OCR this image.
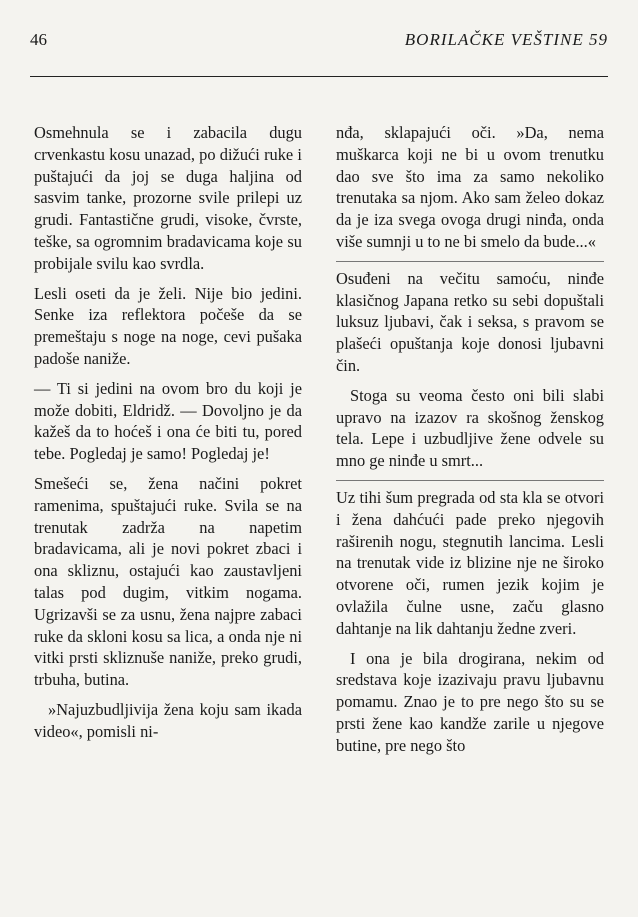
46	BORILAČKE VEŠTINE 59

Osmehnula se i zabacila dugu crvenkastu kosu unazad, po dižući ruke i puštajući da joj se duga haljina od sasvim tanke, prozorne svile prilepi uz grudi. Fantastične grudi, visoke, čvrste, teške, sa ogromnim bradavicama koje su probijale svilu kao svrdla.

Lesli oseti da je želi. Nije bio jedini. Senke iza reflektora počeše da se premeštaju s noge na noge, cevi pušaka padoše naniže.

— Ti si jedini na ovom bro du koji je može dobiti, Eldridž. — Dovoljno je da kažeš da to hoćeš i ona će biti tu, pored tebe. Pogledaj je samo! Pogledaj je!

Smešeći se, žena načini pokret ramenima, spuštajući ruke. Svila se na trenutak zadrža na napetim bradavicama, ali je novi pokret zbaci i ona skliznu, ostajući kao zaustavljeni talas pod dugim, vitkim nogama. Ugrizavši se za usnu, žena najpre zabaci ruke da skloni kosu sa lica, a onda nje ni vitki prsti skliznuše naniže, preko grudi, trbuha, butina.

»Najuzbudljivija žena koju sam ikada video«, pomisli ni-

nđa, sklapajući oči. »Da, nema muškarca koji ne bi u ovom trenutku dao sve što ima za samo nekoliko trenutaka sa njom. Ako sam želeo dokaz da je iza svega ovoga drugi ninđa, onda više sumnji u to ne bi smelo da bude...«

Osuđeni na večitu samoću, ninđe klasičnog Japana retko su sebi dopuštali luksuz ljubavi, čak i seksa, s pravom se plašeći opuštanja koje donosi ljubavni čin.

Stoga su veoma često oni bili slabi upravo na izazov ra skošnog ženskog tela. Lepe i uzbudljive žene odvele su mno ge ninđe u smrt...

Uz tihi šum pregrada od sta kla se otvori i žena dahćući pade preko njegovih raširenih nogu, stegnutih lancima. Lesli na trenutak vide iz blizine nje ne široko otvorene oči, rumen jezik kojim je ovlažila čulne usne, začu glasno dahtanje na lik dahtanju žedne zveri.

I ona je bila drogirana, nekim od sredstava koje izazivaju pravu ljubavnu pomamu. Znao je to pre nego što su se prsti žene kao kandže zarile u njegove butine, pre nego što
